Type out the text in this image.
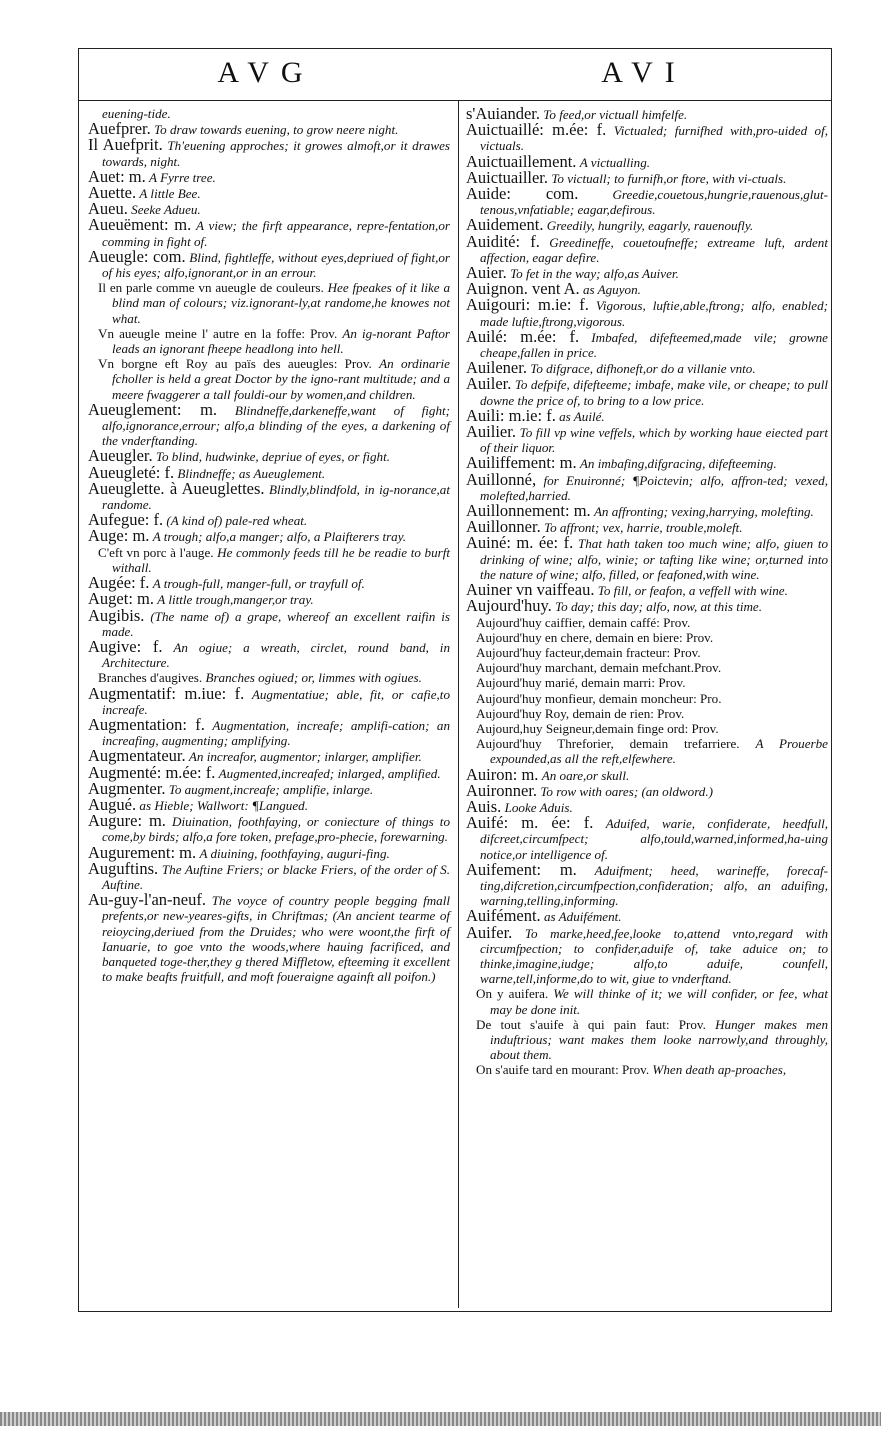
AVG	AVI

euening-tide.

Auefprer. To draw towards euening, to grow neere night.

Il Auefprit. Th'euening approches; it growes almoft,or it drawes towards, night.

Auet: m. A Fyrre tree.

Auette. A little Bee.

Aueu. Seeke Adueu.

Aueuëment: m. A view; the firft appearance, repre-fentation,or comming in fight of.

Aueugle: com. Blind, fightleffe, without eyes,depriued of fight,or of his eyes; alfo,ignorant,or in an errour.

Il en parle comme vn aueugle de couleurs. Hee fpeakes of it like a blind man of colours; viz.ignorant-ly,at randome,he knowes not what.

Vn aueugle meine l' autre en la foffe: Prov. An ig-norant Paftor leads an ignorant fheepe headlong into hell.

Vn borgne eft Roy au païs des aueugles: Prov. An ordinarie fcholler is held a great Doctor by the igno-rant multitude; and a meere fwaggerer a tall fouldi-our by women,and children.

Aueuglement: m. Blindneffe,darkeneffe,want of fight; alfo,ignorance,errour; alfo,a blinding of the eyes, a darkening of the vnderftanding.

Aueugler. To blind, hudwinke, depriue of eyes, or fight.

Aueugleté: f. Blindneffe; as Aueuglement.

Aueuglette. à Aueuglettes. Blindly,blindfold, in ig-norance,at randome.

Aufegue: f. (A kind of) pale-red wheat.

Auge: m. A trough; alfo,a manger; alfo, a Plaifterers tray.

C'eft vn porc à l'auge. He commonly feeds till he be readie to burft withall.

Augée: f. A trough-full, manger-full, or trayfull of.

Auget: m. A little trough,manger,or tray.

Augibis. (The name of) a grape, whereof an excellent raifin is made.

Augive: f. An ogiue; a wreath, circlet, round band, in Architecture.

Branches d'augives. Branches ogiued; or, limmes with ogiues.

Augmentatif: m.iue: f. Augmentatiue; able, fit, or cafie,to increafe.

Augmentation: f. Augmentation, increafe; amplifi-cation; an increafing, augmenting; amplifying.

Augmentateur. An increafor, augmentor; inlarger, amplifier.

Augmenté: m.ée: f. Augmented,increafed; inlarged, amplified.

Augmenter. To augment,increafe; amplifie, inlarge.

Augué. as Hieble; Wallwort: ¶Langued.

Augure: m. Diuination, foothfaying, or coniecture of things to come,by birds; alfo,a fore token, prefage,pro-phecie, forewarning.

Augurement: m. A diuining, foothfaying, auguri-fing.

Auguftins. The Auftine Friers; or blacke Friers, of the order of S. Auftine.

Au-guy-l'an-neuf. The voyce of country people begging fmall prefents,or new-yeares-gifts, in Chriftmas; (An ancient tearme of reioycing,deriued from the Druides; who were woont,the firft of Ianuarie, to goe vnto the woods,where hauing facrificed, and banqueted toge-ther,they g thered Miffletow, efteeming it excellent to make beafts fruitfull, and moft foueraigne againft all poifon.)

s'Auiander. To feed,or victuall himfelfe.

Auictuaillé: m.ée: f. Victualed; furnifhed with,pro-uided of, victuals.

Auictuaillement. A victualling.

Auictuailler. To victuall; to furnifh,or ftore, with vi-ctuals.

Auide: com.	Greedie,couetous,hungrie,rauenous,glut-tenous,vnfatiable; eagar,defirous.

Auidement. Greedily, hungrily, eagarly, rauenoufly.

Auidité: f. Greedineffe, couetoufneffe; extreame luft, ardent affection, eagar defire.

Auier. To fet in the way; alfo,as Auiver.

Auignon. vent A. as Aguyon.

Auigouri: m.ie: f. Vigorous, luftie,able,ftrong; alfo, enabled; made luftie,ftrong,vigorous.

Auilé: m.ée: f. Imbafed, difefteemed,made vile; growne cheape,fallen in price.

Auilener. To difgrace, difhoneft,or do a villanie vnto.

Auiler. To defpife, difefteeme; imbafe, make vile, or cheape; to pull downe the price of, to bring to a low price.

Auili: m.ie: f. as Auilé.

Auilier. To fill vp wine veffels, which by working haue eiected part of their liquor.

Auiliffement: m. An imbafing,difgracing, difefteeming.

Auillonné, for Enuironné; ¶Poictevin; alfo, affron-ted; vexed, molefted,harried.

Auillonnement: m. An affronting; vexing,harrying, molefting.

Auillonner. To affront; vex, harrie, trouble,moleft.

Auiné: m. ée: f. That hath taken too much wine; alfo, giuen to drinking of wine; alfo, winie; or tafting like wine; or,turned into the nature of wine; alfo, filled, or feafoned,with wine.

Auiner vn vaiffeau. To fill, or feafon, a veffell with wine.

Aujourd'huy. To day; this day; alfo, now, at this time.

Aujourd'huy caiffier, demain caffé: Prov.

Aujourd'huy en chere, demain en biere: Prov.

Aujourd'huy facteur,demain fracteur: Prov.

Aujourd'huy marchant, demain mefchant.Prov.

Aujourd'huy marié, demain marri: Prov.

Aujourd'huy monfieur, demain moncheur: Pro.

Aujourd'huy Roy, demain de rien: Prov.

Aujourd,huy Seigneur,demain finge ord: Prov.

Aujourd'huy Threforier, demain trefarriere. A Prouerbe expounded,as all the reft,elfewhere.

Auiron: m. An oare,or skull.

Auironner. To row with oares; (an oldword.)

Auis. Looke Aduis.

Auifé: m. ée: f. Aduifed, warie, confiderate, heedfull, difcreet,circumfpect; alfo,tould,warned,informed,ha-uing notice,or intelligence of.

Auifement: m. Aduifment; heed, warineffe, forecaf-ting,difcretion,circumfpection,confideration; alfo, an aduifing, warning,telling,informing.

Auifément. as Aduifément.

Auifer. To marke,heed,fee,looke to,attend vnto,regard with circumfpection; to confider,aduife of, take aduice on; to thinke,imagine,iudge; alfo,to aduife, counfell, warne,tell,informe,do to wit, giue to vnderftand.

On y auifera. We will thinke of it; we will confider, or fee, what may be done init.

De tout s'auife à qui pain faut: Prov. Hunger makes men induftrious; want makes them looke narrowly,and throughly, about them.

On s'auife tard en mourant: Prov. When death ap-proaches,
